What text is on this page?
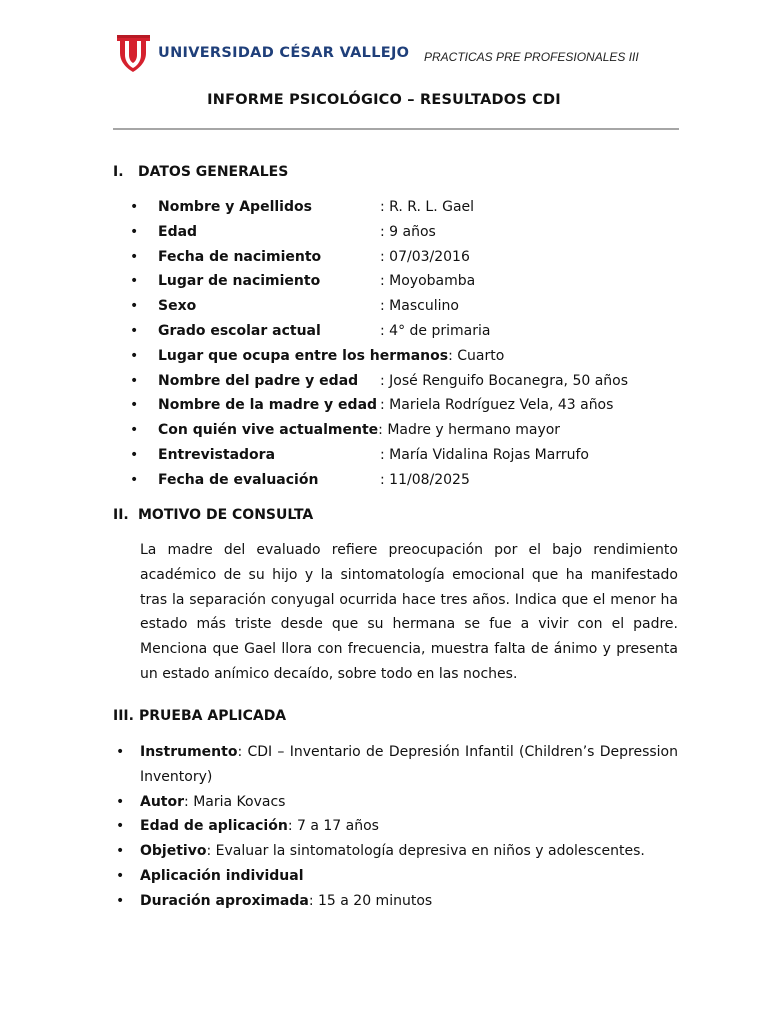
UNIVERSIDAD CÉSAR VALLEJO PRACTICAS PRE PROFESIONALES III
INFORME PSICOLÓGICO – RESULTADOS CDI
I. DATOS GENERALES
•	Nombre y Apellidos	: R. R. L. Gael
•	Edad	: 9 años
•	Fecha de nacimiento	: 07/03/2016
•	Lugar de nacimiento	: Moyobamba
•	Sexo	: Masculino
•	Grado escolar actual	: 4° de primaria
•	Lugar que ocupa entre los hermanos : Cuarto
•	Nombre del padre y edad	: José Renguifo Bocanegra, 50 años
•	Nombre de la madre y edad : Mariela Rodríguez Vela, 43 años
•	Con quién vive actualmente : Madre y hermano mayor
•	Entrevistadora	: María Vidalina Rojas Marrufo
•	Fecha de evaluación	: 11/08/2025
II. MOTIVO DE CONSULTA
La madre del evaluado refiere preocupación por el bajo rendimiento académico de su hijo y la sintomatología emocional que ha manifestado tras la separación conyugal ocurrida hace tres años. Indica que el menor ha estado más triste desde que su hermana se fue a vivir con el padre. Menciona que Gael llora con frecuencia, muestra falta de ánimo y presenta un estado anímico decaído, sobre todo en las noches.
III. PRUEBA APLICADA
•	Instrumento: CDI – Inventario de Depresión Infantil (Children’s Depression Inventory)
•	Autor: Maria Kovacs
•	Edad de aplicación: 7 a 17 años
•	Objetivo: Evaluar la sintomatología depresiva en niños y adolescentes.
•	Aplicación individual
•	Duración aproximada: 15 a 20 minutos
